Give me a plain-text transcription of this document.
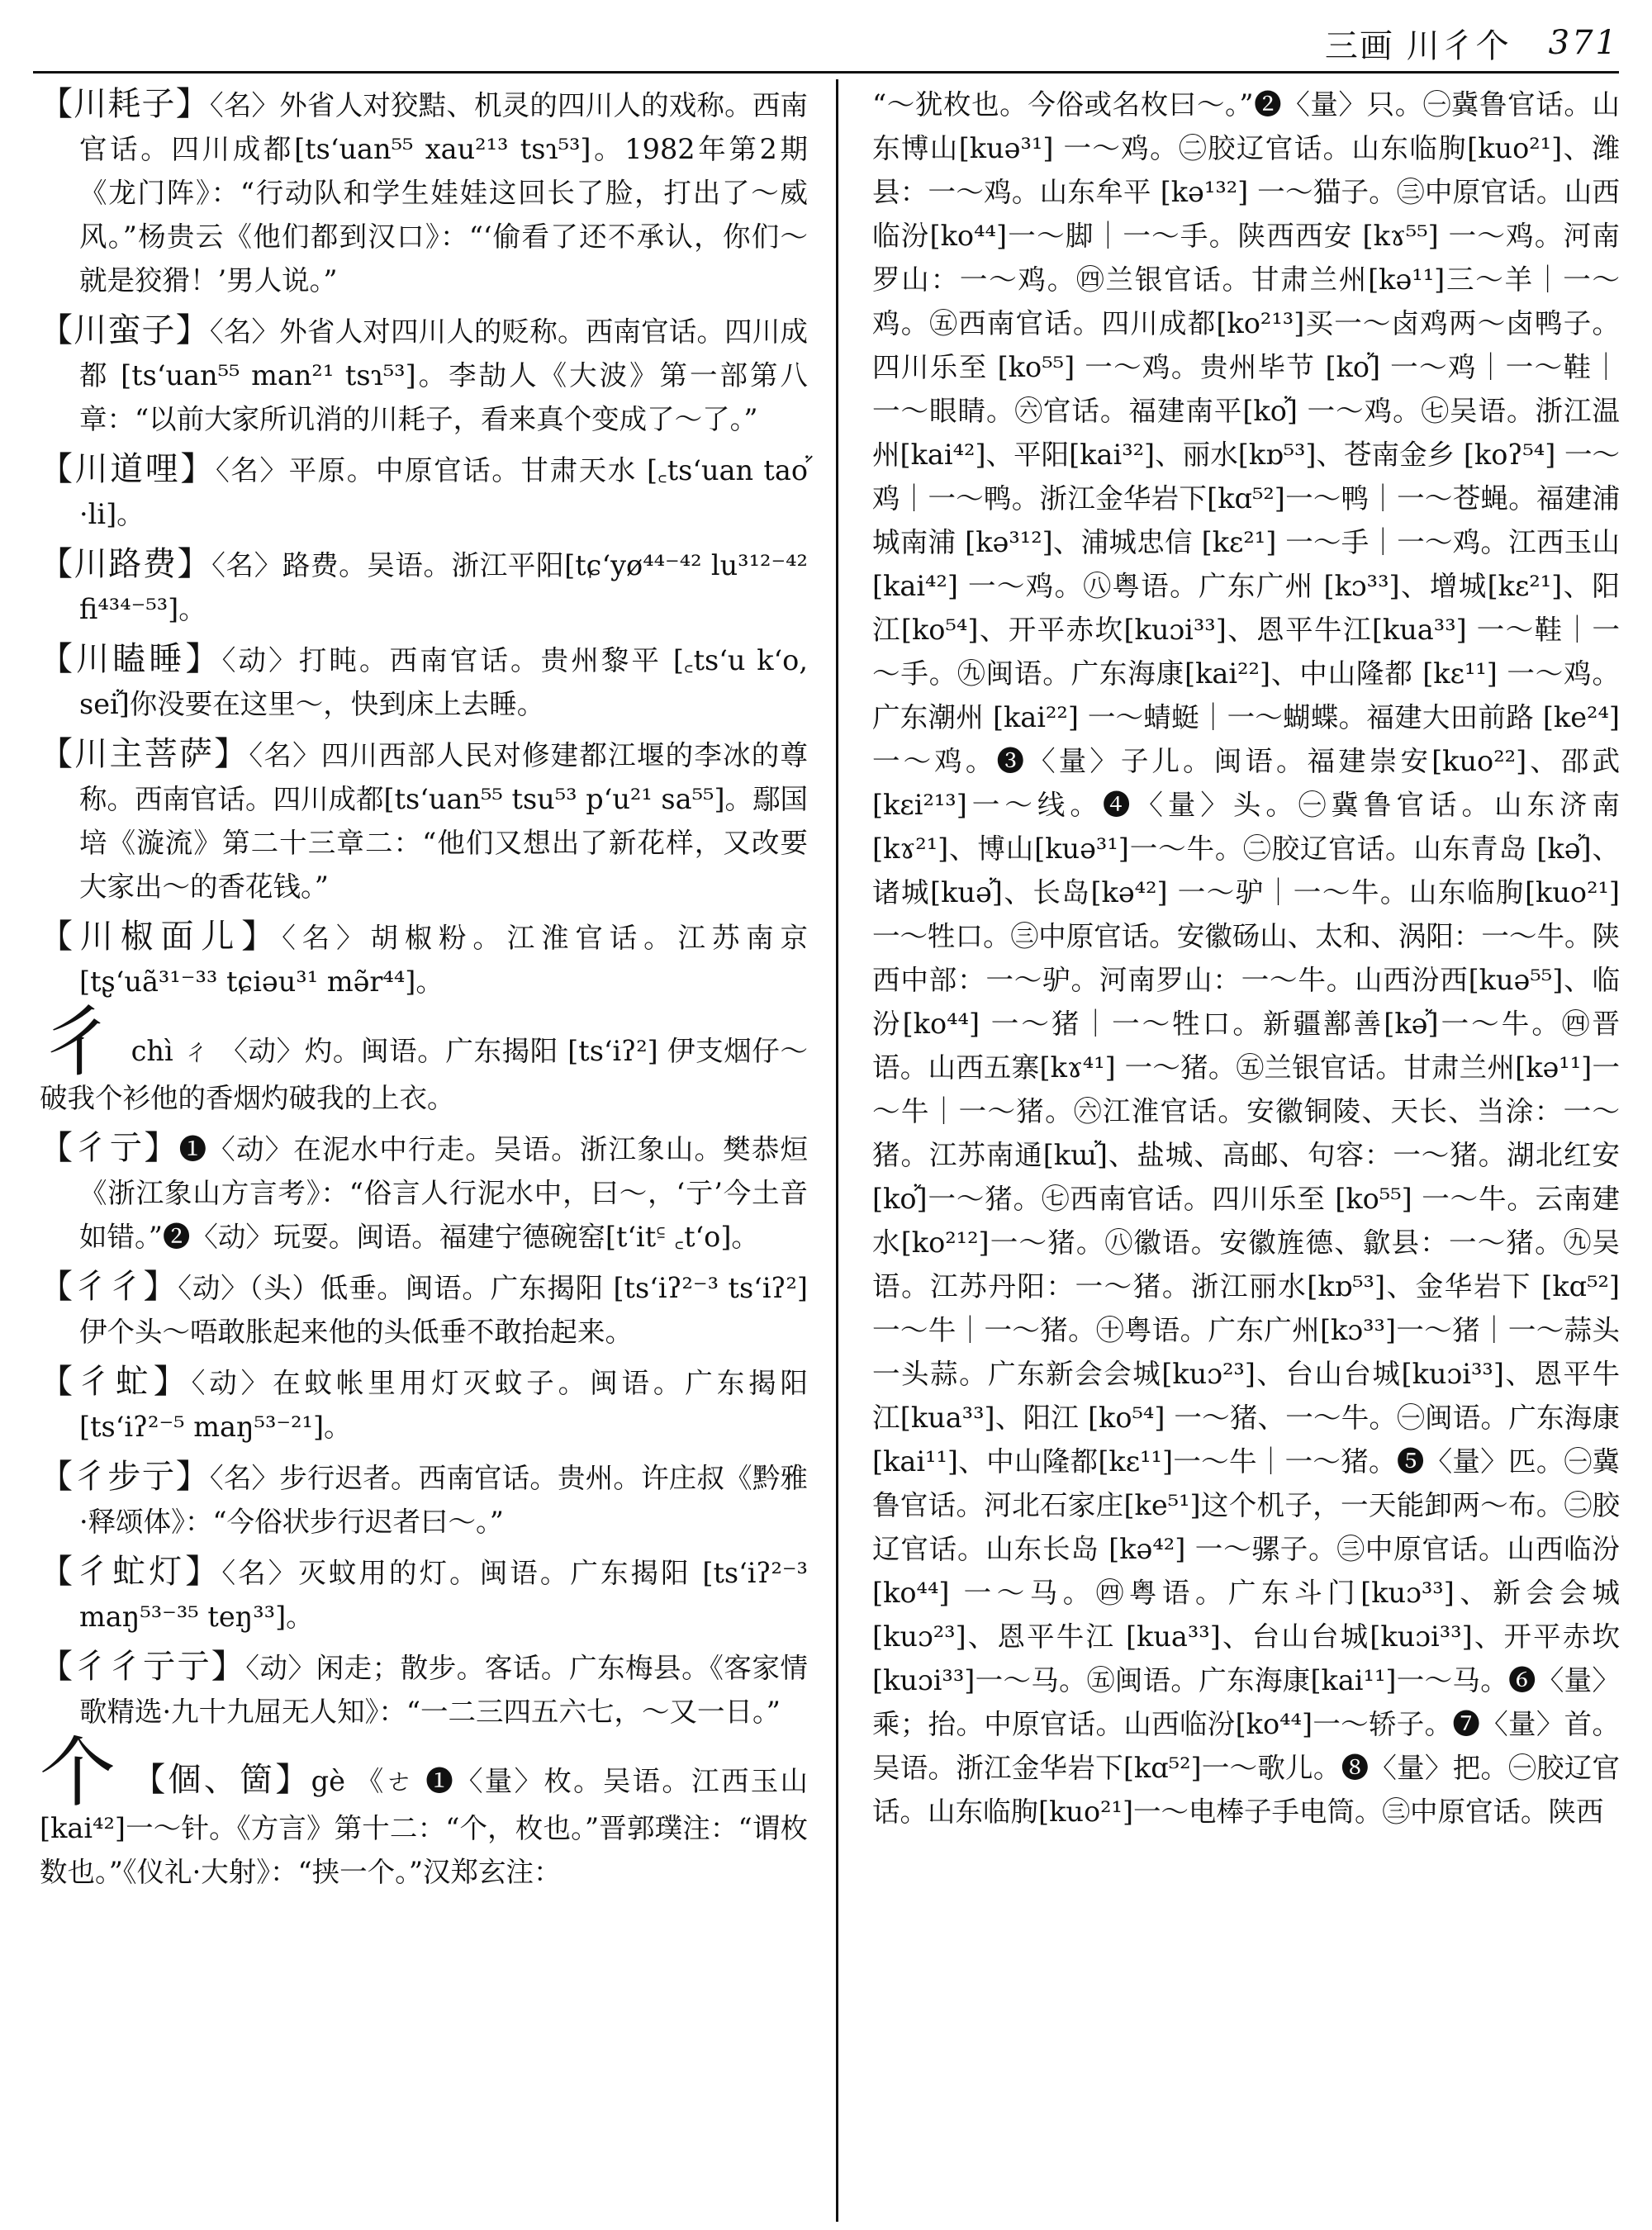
三画 川彳个 371

【川耗子】〈名〉外省人对狡黠、机灵的四川人的戏称。西南官话。四川成都[tsʻuan⁵⁵ xau²¹³ tsɿ⁵³]。1982年第2期《龙门阵》：“行动队和学生娃娃这回长了脸，打出了～威风。”杨贵云《他们都到汉口》：“‘偷看了还不承认，你们～就是狡猾！’男人说。”

【川蛮子】〈名〉外省人对四川人的贬称。西南官话。四川成都 [tsʻuan⁵⁵ man²¹ tsɿ⁵³]。李劼人《大波》第一部第八章：“以前大家所讥消的川耗子，看来真个变成了～了。”

【川道哩】〈名〉平原。中原官话。甘肃天水 [꜀tsʻuan taoꜘ ·li]。

【川路费】〈名〉路费。吴语。浙江平阳[tɕʻyø⁴⁴⁻⁴² lu³¹²⁻⁴² fi⁴³⁴⁻⁵³]。

【川瞌睡】〈动〉打盹。西南官话。贵州黎平 [꜀tsʻu kʻo, seiꜘ]你没要在这里～，快到床上去睡。

【川主菩萨】〈名〉四川西部人民对修建都江堰的李冰的尊称。西南官话。四川成都[tsʻuan⁵⁵ tsu⁵³ pʻu²¹ sa⁵⁵]。鄢国培《漩流》第二十三章二：“他们又想出了新花样，又改要大家出～的香花钱。”

【川椒面儿】〈名〉胡椒粉。江淮官话。江苏南京 [tʂʻuã³¹⁻³³ tɕiəu³¹ mə̃r⁴⁴]。

彳chì ㄔ 〈动〉灼。闽语。广东揭阳 [tsʻiʔ²] 伊支烟仔～破我个衫他的香烟灼破我的上衣。

【彳亍】❶〈动〉在泥水中行走。吴语。浙江象山。樊恭烜《浙江象山方言考》：“俗言人行泥水中，曰～，‘亍’今土音如错。”❷〈动〉玩耍。闽语。福建宁德碗窑[tʻit꜃ ꜀tʻo]。

【彳彳】〈动〉（头）低垂。闽语。广东揭阳 [tsʻiʔ²⁻³ tsʻiʔ²]伊个头～唔敢胀起来他的头低垂不敢抬起来。

【彳虻】〈动〉在蚊帐里用灯灭蚊子。闽语。广东揭阳 [tsʻiʔ²⁻⁵ maŋ⁵³⁻²¹]。

【彳步亍】〈名〉步行迟者。西南官话。贵州。许庄叔《黔雅·释颂体》：“今俗状步行迟者曰～。”

【彳虻灯】〈名〉灭蚊用的灯。闽语。广东揭阳 [tsʻiʔ²⁻³ maŋ⁵³⁻³⁵ teŋ³³]。

【彳彳亍亍】〈动〉闲走；散步。客话。广东梅县。《客家情歌精选·九十九屈无人知》：“一二三四五六七，～又一日。”

个 【個、箇】gè 《ㄜ ❶〈量〉枚。吴语。江西玉山 [kai⁴²]一～针。《方言》第十二：“个，枚也。”晋郭璞注：“谓枚数也。”《仪礼·大射》：“挟一个。”汉郑玄注：

“～犹枚也。今俗或名枚曰～。”❷〈量〉只。㊀冀鲁官话。山东博山[kuə³¹] 一～鸡。㊁胶辽官话。山东临朐[kuo²¹]、潍县：一～鸡。山东牟平 [kə¹³²] 一～猫子。㊂中原官话。山西临汾[ko⁴⁴]一～脚｜一～手。陕西西安 [kɤ⁵⁵] 一～鸡。河南罗山：一～鸡。㊃兰银官话。甘肃兰州[kə¹¹]三～羊｜一～鸡。㊄西南官话。四川成都[ko²¹³]买一～卤鸡两～卤鸭子。四川乐至 [ko⁵⁵] 一～鸡。贵州毕节 [koꜘ] 一～鸡｜一～鞋｜一～眼睛。㊅官话。福建南平[koꜘ] 一～鸡。㊆吴语。浙江温州[kai⁴²]、平阳[kai³²]、丽水[kɒ⁵³]、苍南金乡 [koʔ⁵⁴] 一～鸡｜一～鸭。浙江金华岩下[kɑ⁵²]一～鸭｜一～苍蝇。福建浦城南浦 [kə³¹²]、浦城忠信 [kɛ²¹] 一～手｜一～鸡。江西玉山[kai⁴²] 一～鸡。㊇粤语。广东广州 [kɔ³³]、增城[kɛ²¹]、阳江[ko⁵⁴]、开平赤坎[kuɔi³³]、恩平牛江[kua³³] 一～鞋｜一～手。㊈闽语。广东海康[kai²²]、中山隆都 [kɛ¹¹] 一～鸡。广东潮州 [kai²²] 一～蜻蜓｜一～蝴蝶。福建大田前路 [ke²⁴]一～鸡。❸〈量〉子儿。闽语。福建崇安[kuo²²]、邵武 [kɛi²¹³]一～线。❹〈量〉头。㊀冀鲁官话。山东济南 [kɤ²¹]、博山[kuə³¹]一～牛。㊁胶辽官话。山东青岛 [kəꜘ]、诸城[kuəꜘ]、长岛[kə⁴²] 一～驴｜一～牛。山东临朐[kuo²¹]一～牲口。㊂中原官话。安徽砀山、太和、涡阳：一～牛。陕西中部：一～驴。河南罗山：一～牛。山西汾西[kuə⁵⁵]、临汾[ko⁴⁴] 一～猪｜一～牲口。新疆鄯善[kəꜘ]一～牛。㊃晋语。山西五寨[kɤ⁴¹] 一～猪。㊄兰银官话。甘肃兰州[kə¹¹]一～牛｜一～猪。㊅江淮官话。安徽铜陵、天长、当涂：一～猪。江苏南通[kɯꜘ]、盐城、高邮、句容：一～猪。湖北红安[koꜘ]一～猪。㊆西南官话。四川乐至 [ko⁵⁵] 一～牛。云南建水[ko²¹²]一～猪。㊇徽语。安徽旌德、歙县：一～猪。㊈吴语。江苏丹阳：一～猪。浙江丽水[kɒ⁵³]、金华岩下 [kɑ⁵²] 一～牛｜一～猪。㊉粤语。广东广州[kɔ³³]一～猪｜一～蒜头一头蒜。广东新会会城[kuɔ²³]、台山台城[kuɔi³³]、恩平牛江[kua³³]、阳江 [ko⁵⁴] 一～猪、一～牛。㊀闽语。广东海康[kai¹¹]、中山隆都[kɛ¹¹]一～牛｜一～猪。❺〈量〉匹。㊀冀鲁官话。河北石家庄[ke⁵¹]这个机子，一天能卸两～布。㊁胶辽官话。山东长岛 [kə⁴²] 一～骡子。㊂中原官话。山西临汾 [ko⁴⁴] 一～马。㊃粤语。广东斗门[kuɔ³³]、新会会城[kuɔ²³]、恩平牛江 [kua³³]、台山台城[kuɔi³³]、开平赤坎[kuɔi³³]一～马。㊄闽语。广东海康[kai¹¹]一～马。❻〈量〉乘；抬。中原官话。山西临汾[ko⁴⁴]一～轿子。❼〈量〉首。吴语。浙江金华岩下[kɑ⁵²]一～歌儿。❽〈量〉把。㊀胶辽官话。山东临朐[kuo²¹]一～电棒子手电筒。㊂中原官话。陕西
